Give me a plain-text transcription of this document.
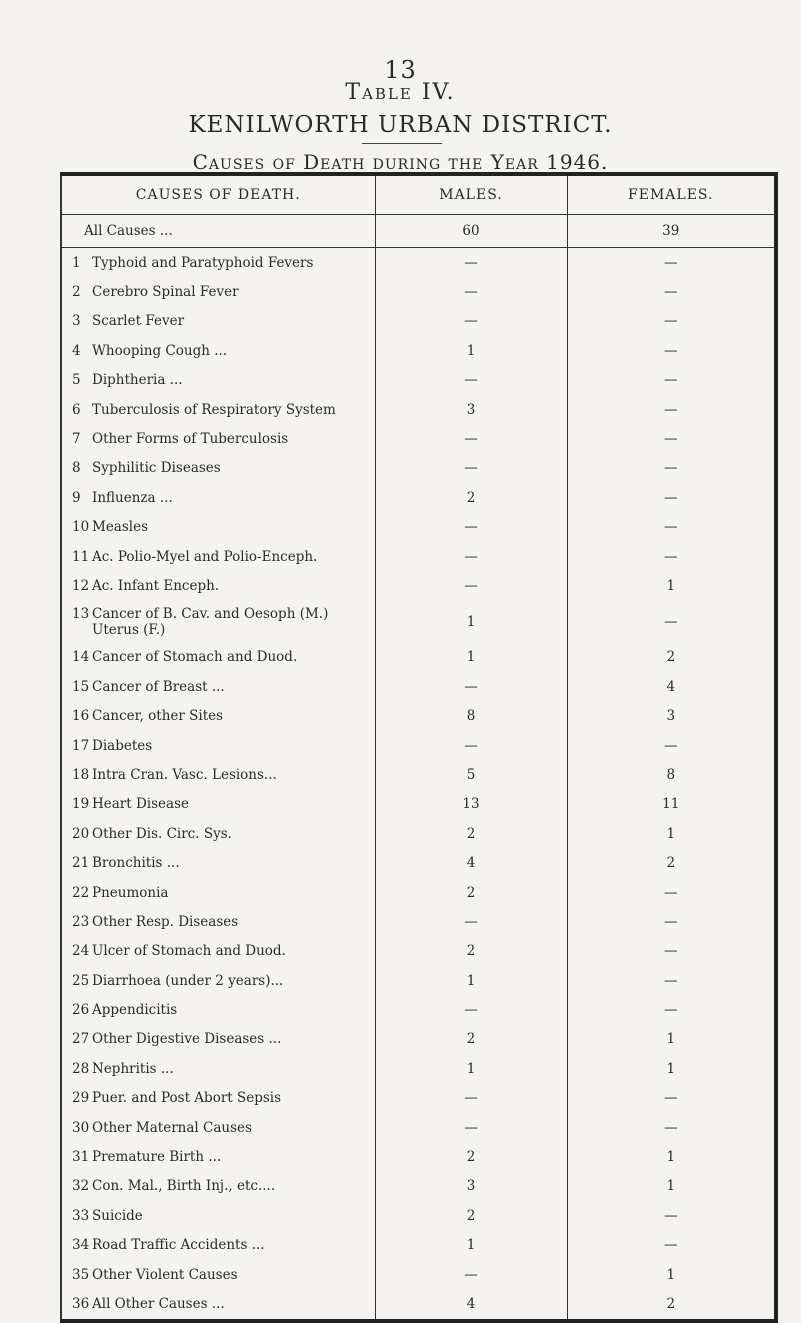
13
Table IV.
KENILWORTH URBAN DISTRICT.
Causes of Death during the Year 1946.
CAUSES OF DEATH.	MALES.	FEMALES.
All Causes ...	60	39
1 Typhoid and Paratyphoid Fevers	—	—
2 Cerebro Spinal Fever	—	—
3 Scarlet Fever	—	—
4 Whooping Cough ...	1	—
5 Diphtheria ...	—	—
6 Tuberculosis of Respiratory System	3	—
7 Other Forms of Tuberculosis	—	—
8 Syphilitic Diseases	—	—
9 Influenza ...	2	—
10 Measles	—	—
11 Ac. Polio-Myel and Polio-Enceph.	—	—
12 Ac. Infant Enceph.	—	1
13 Cancer of B. Cav. and Oesoph (M.)
Uterus (F.)	1	—
14 Cancer of Stomach and Duod.	1	2
15 Cancer of Breast ...	—	4
16 Cancer, other Sites	8	3
17 Diabetes	—	—
18 Intra Cran. Vasc. Lesions...	5	8
19 Heart Disease	13	11
20 Other Dis. Circ. Sys.	2	1
21 Bronchitis ...	4	2
22 Pneumonia	2	—
23 Other Resp. Diseases	—	—
24 Ulcer of Stomach and Duod.	2	—
25 Diarrhoea (under 2 years)...	1	—
26 Appendicitis	—	—
27 Other Digestive Diseases ...	2	1
28 Nephritis ...	1	1
29 Puer. and Post Abort Sepsis	—	—
30 Other Maternal Causes	—	—
31 Premature Birth ...	2	1
32 Con. Mal., Birth Inj., etc....	3	1
33 Suicide	2	—
34 Road Traffic Accidents ...	1	—
35 Other Violent Causes	—	1
36 All Other Causes ...	4	2
